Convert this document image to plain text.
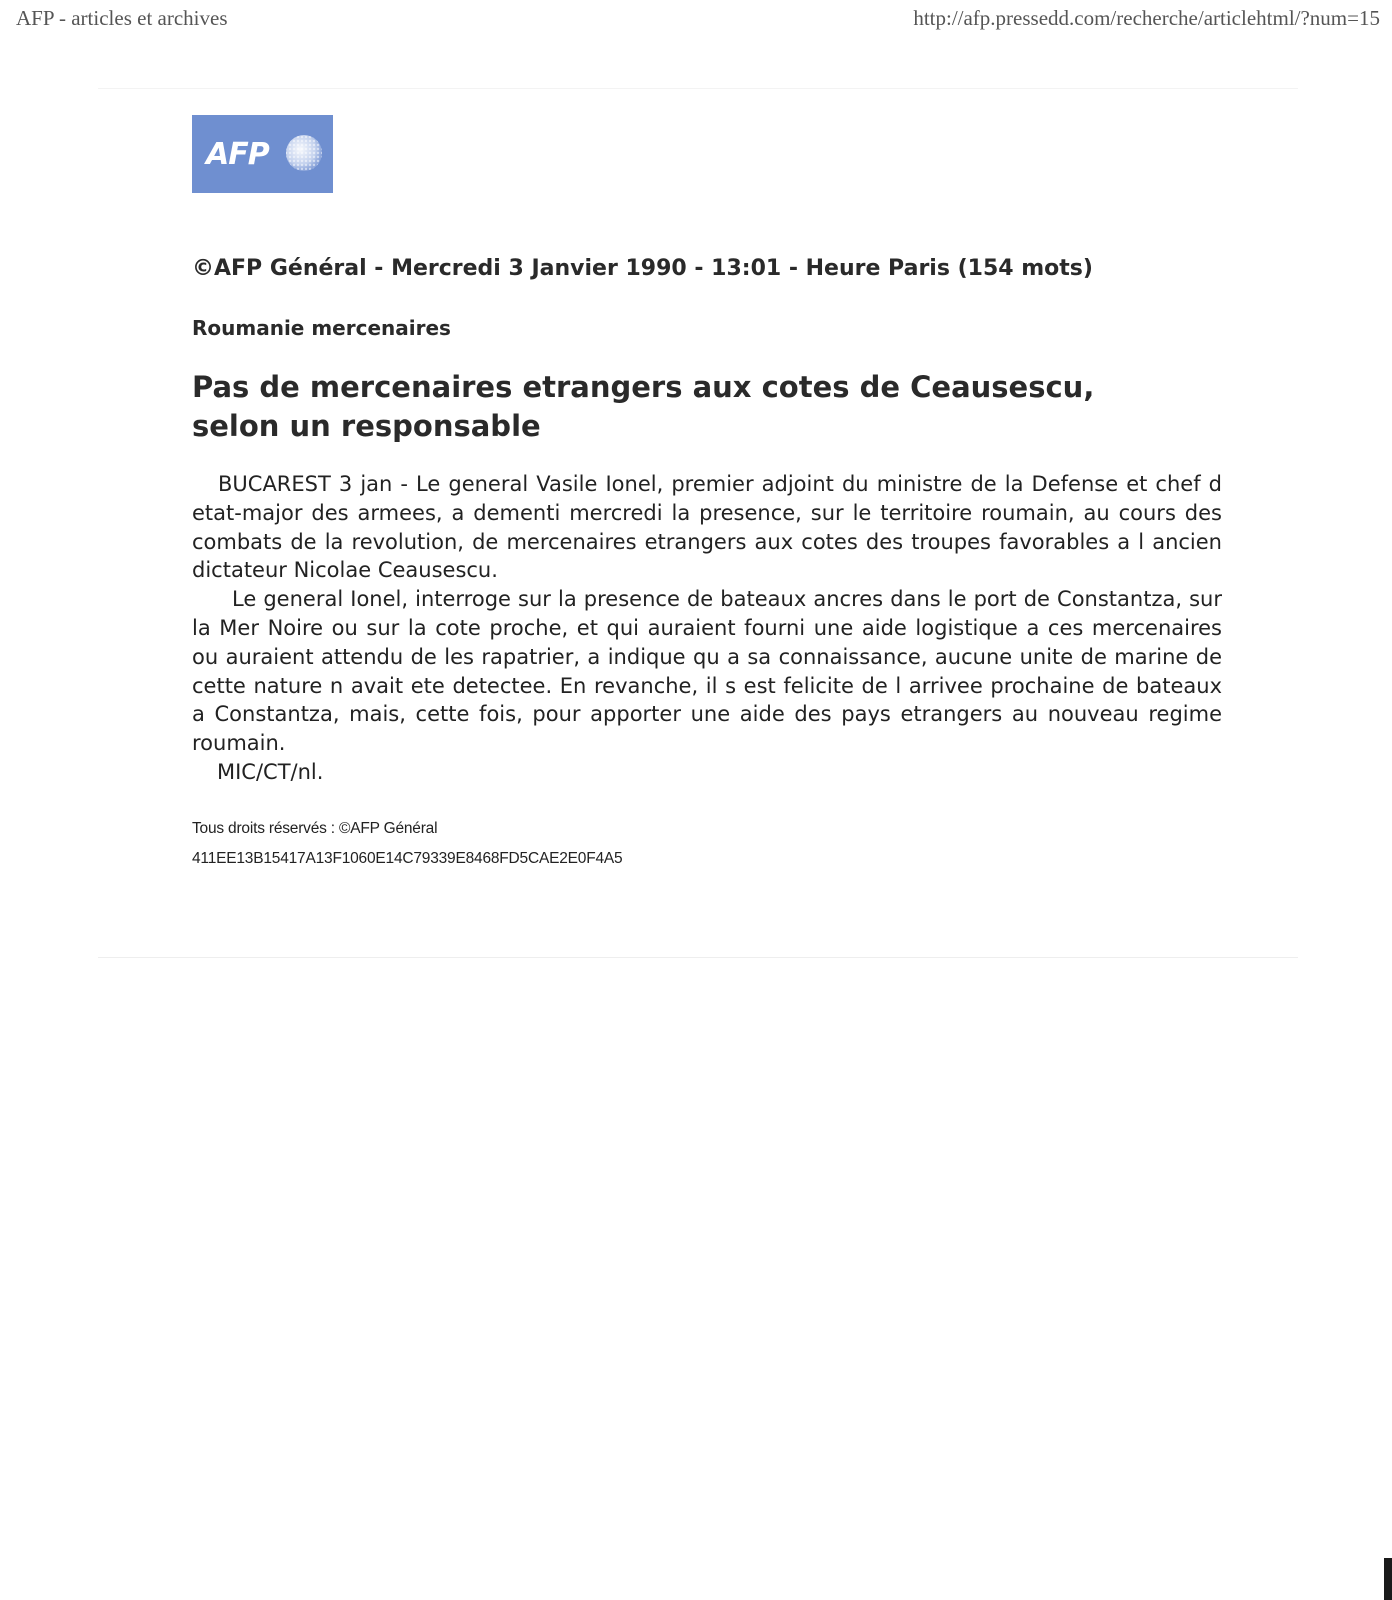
AFP - articles et archives	http://afp.pressedd.com/recherche/articlehtml/?num=15
AFP
©AFP Général - Mercredi 3 Janvier 1990 - 13:01 - Heure Paris (154 mots)
Roumanie mercenaires
Pas de mercenaires etrangers aux cotes de Ceausescu,
selon un responsable

BUCAREST 3 jan - Le general Vasile Ionel, premier adjoint du ministre de la Defense et chef d etat-major des armees, a dementi mercredi la presence, sur le territoire roumain, au cours des combats de la revolution, de mercenaires etrangers aux cotes des troupes favorables a l ancien dictateur Nicolae Ceausescu.

Le general Ionel, interroge sur la presence de bateaux ancres dans le port de Constantza, sur la Mer Noire ou sur la cote proche, et qui auraient fourni une aide logistique a ces mercenaires ou auraient attendu de les rapatrier, a indique qu a sa connaissance, aucune unite de marine de cette nature n avait ete detectee. En revanche, il s est felicite de l arrivee prochaine de bateaux a Constantza, mais, cette fois, pour apporter une aide des pays etrangers au nouveau regime roumain.

MIC/CT/nl.

Tous droits réservés : ©AFP Général
411EE13B15417A13F1060E14C79339E8468FD5CAE2E0F4A5
